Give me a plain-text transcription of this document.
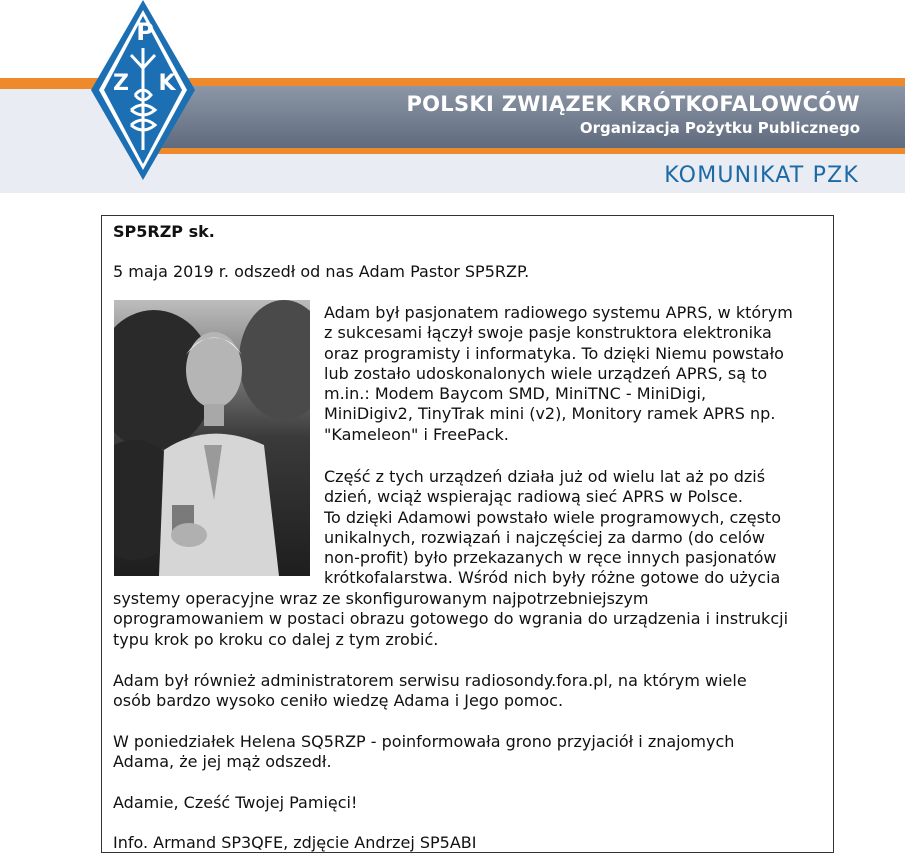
POLSKI ZWIĄZEK KRÓTKOFALOWCÓW
Organizacja Pożytku Publicznego
KOMUNIKAT PZK
P
Z K
SP5RZP sk.
5 maja 2019 r. odszedł od nas Adam Pastor SP5RZP.
Adam był pasjonatem radiowego systemu APRS, w którym
z sukcesami łączył swoje pasje konstruktora elektronika
oraz programisty i informatyka. To dzięki Niemu powstało
lub zostało udoskonalonych wiele urządzeń APRS, są to
m.in.: Modem Baycom SMD, MiniTNC - MiniDigi,
MiniDigiv2, TinyTrak mini (v2), Monitory ramek APRS np.
"Kameleon" i FreePack.
Część z tych urządzeń działa już od wielu lat aż po dziś
dzień, wciąż wspierając radiową sieć APRS w Polsce.
To dzięki Adamowi powstało wiele programowych, często
unikalnych, rozwiązań i najczęściej za darmo (do celów
non-profit) było przekazanych w ręce innych pasjonatów
krótkofalarstwa. Wśród nich były różne gotowe do użycia
systemy operacyjne wraz ze skonfigurowanym najpotrzebniejszym
oprogramowaniem w postaci obrazu gotowego do wgrania do urządzenia i instrukcji
typu krok po kroku co dalej z tym zrobić.
Adam był również administratorem serwisu radiosondy.fora.pl, na którym wiele
osób bardzo wysoko ceniło wiedzę Adama i Jego pomoc.
W poniedziałek Helena SQ5RZP - poinformowała grono przyjaciół i znajomych
Adama, że jej mąż odszedł.
Adamie, Cześć Twojej Pamięci!
Info. Armand SP3QFE, zdjęcie Andrzej SP5ABI
